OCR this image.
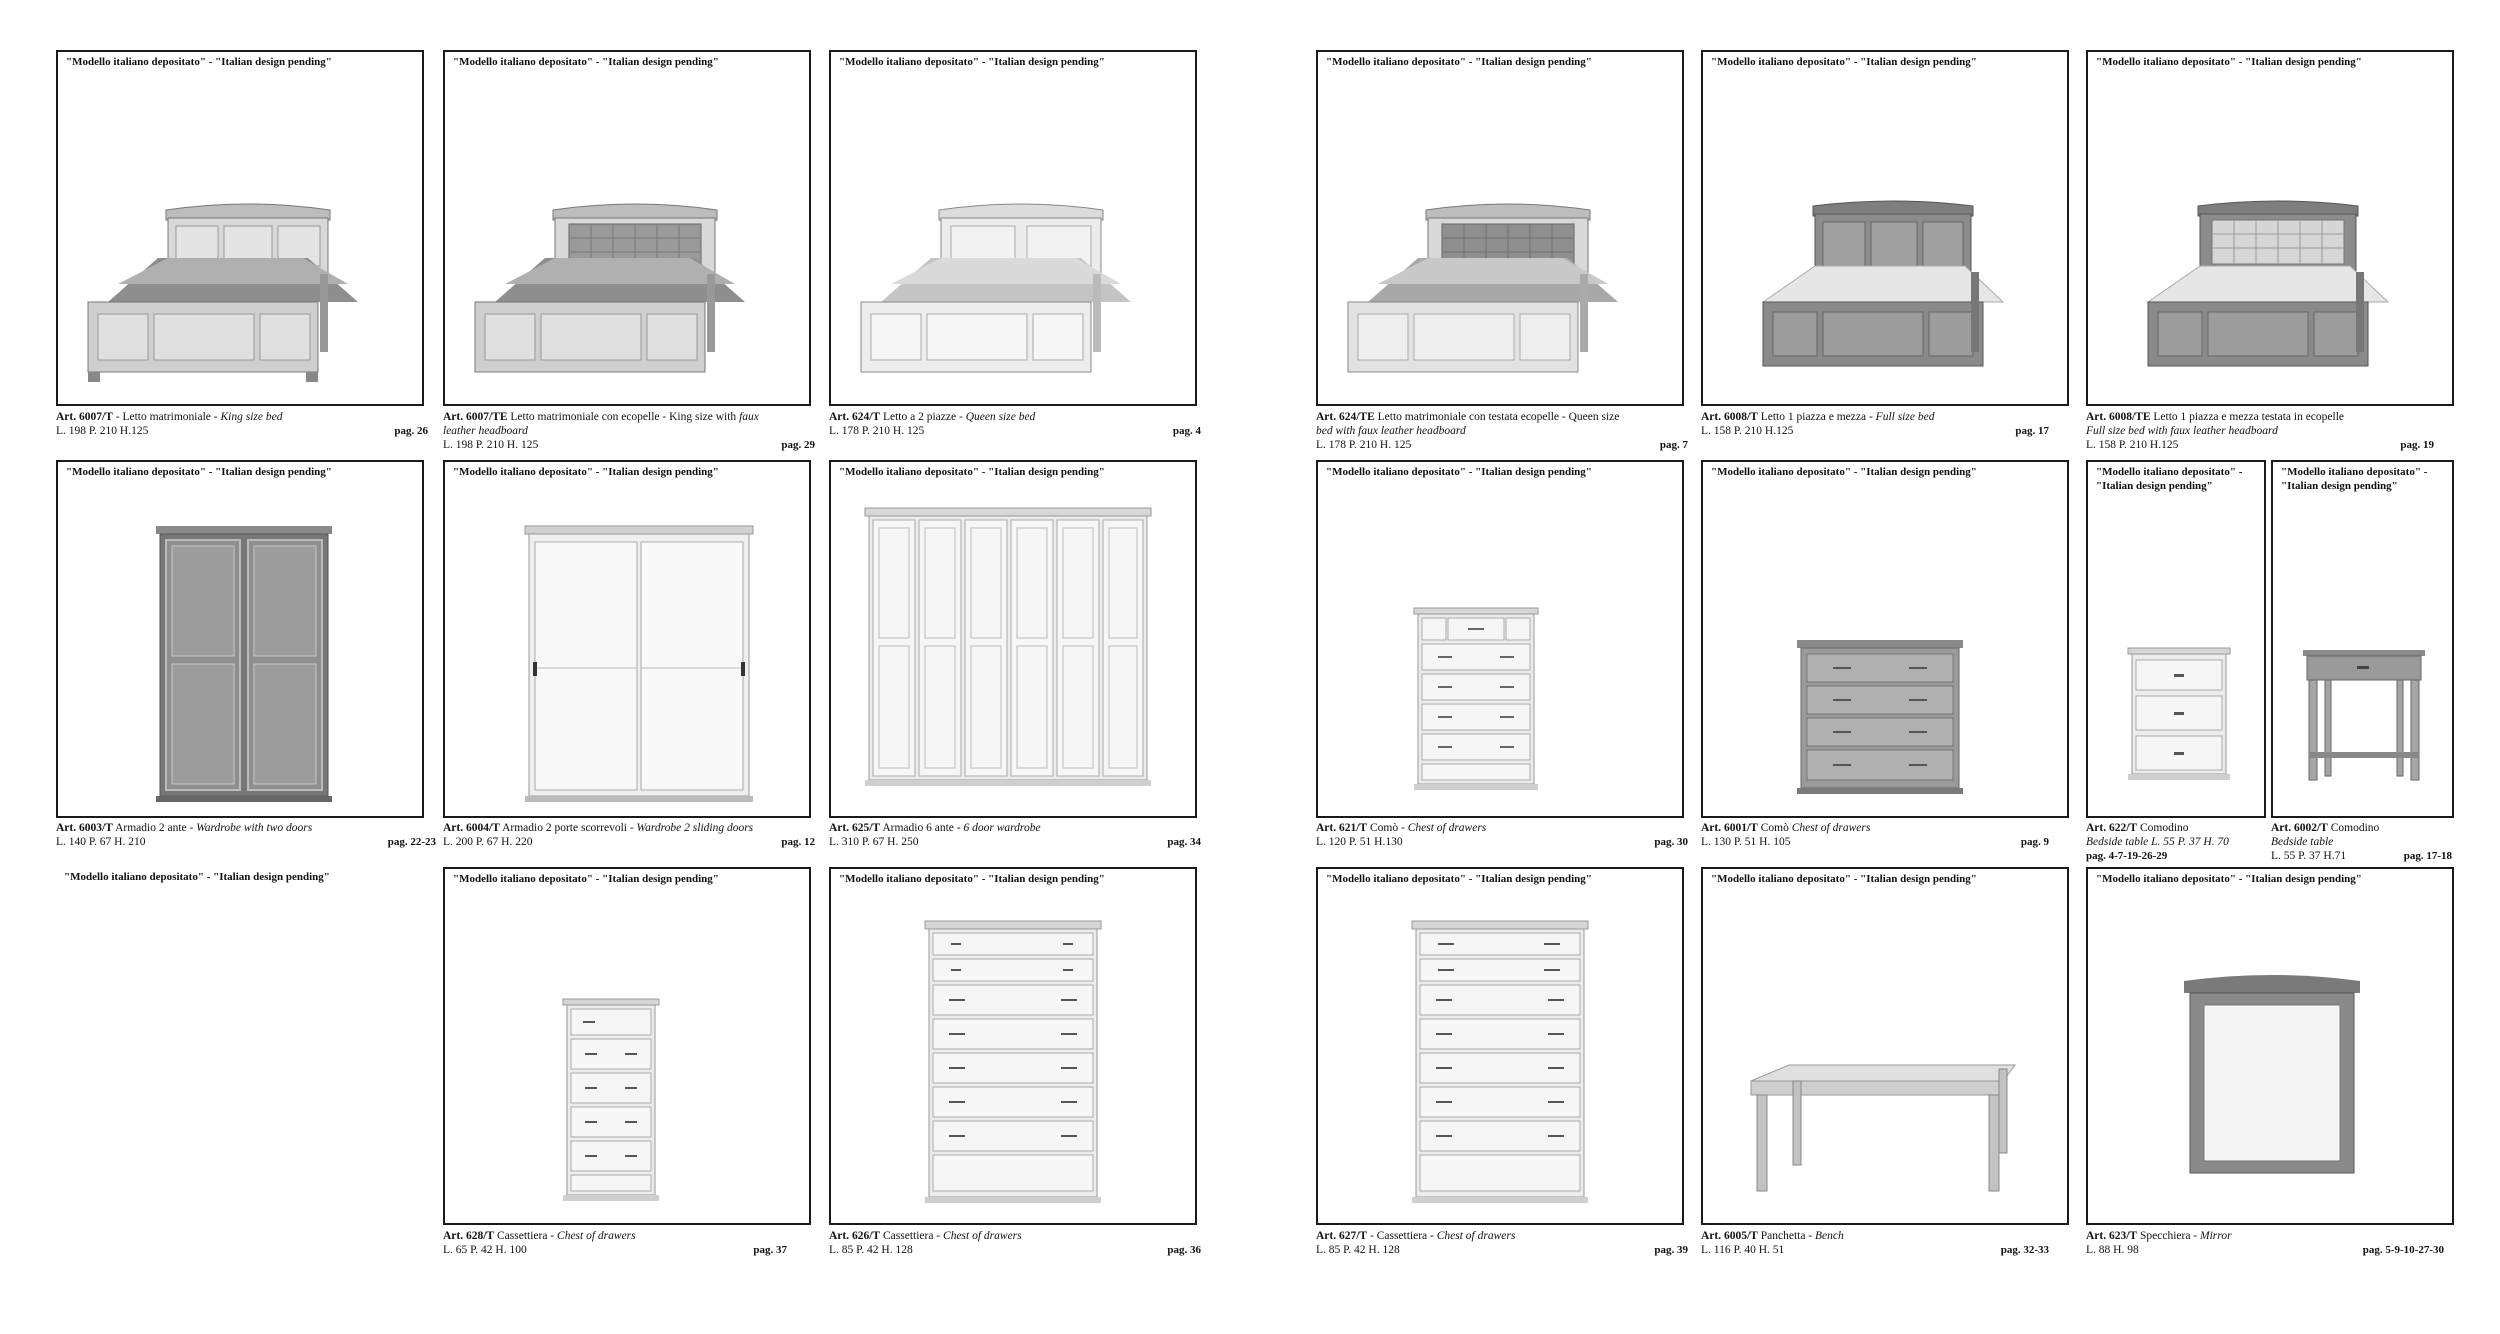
"Modello italiano depositato" - "Italian design pending"
Art. 6007/T - Letto matrimoniale - King size bed
L. 198 P. 210 H.125	pag. 26
"Modello italiano depositato" - "Italian design pending"
Art. 6007/TE Letto matrimoniale con ecopelle - King size with faux
leather headboard
L. 198 P. 210 H. 125	pag. 29
"Modello italiano depositato" - "Italian design pending"
Art. 624/T Letto a 2 piazze - Queen size bed
L. 178 P. 210 H. 125	pag. 4
"Modello italiano depositato" - "Italian design pending"
Art. 624/TE Letto matrimoniale con testata ecopelle - Queen size
bed with faux leather headboard
L. 178 P. 210 H. 125	pag. 7
"Modello italiano depositato" - "Italian design pending"
Art. 6008/T Letto 1 piazza e mezza - Full size bed
L. 158 P. 210 H.125	pag. 17
"Modello italiano depositato" - "Italian design pending"
Art. 6008/TE Letto 1 piazza e mezza testata in ecopelle
Full size bed with faux leather headboard
L. 158 P. 210 H.125	pag. 19
"Modello italiano depositato" - "Italian design pending"
Art. 6003/T Armadio 2 ante - Wardrobe with two doors
L. 140 P. 67 H. 210	pag. 22-23
"Modello italiano depositato" - "Italian design pending"
Art. 6004/T Armadio 2 porte scorrevoli - Wardrobe 2 sliding doors
L. 200 P. 67 H. 220	pag. 12
"Modello italiano depositato" - "Italian design pending"
Art. 625/T Armadio 6 ante - 6 door wardrobe
L. 310 P. 67 H. 250	pag. 34
"Modello italiano depositato" - "Italian design pending"
Art. 621/T Comò - Chest of drawers
L. 120 P. 51 H.130	pag. 30
"Modello italiano depositato" - "Italian design pending"
Art. 6001/T Comò Chest of drawers
L. 130 P. 51 H. 105	pag. 9
"Modello italiano depositato" -
"Italian design pending"
Art. 622/T Comodino
Bedside table L. 55 P. 37 H. 70
pag. 4-7-19-26-29
"Modello italiano depositato" -
"Italian design pending"
Art. 6002/T Comodino
Bedside table
L. 55 P. 37 H.71	pag. 17-18
"Modello italiano depositato" - "Italian design pending"	"Modello italiano depositato" - "Italian design pending"
Art. 628/T Cassettiera - Chest of drawers
L. 65 P. 42 H. 100	pag. 37
"Modello italiano depositato" - "Italian design pending"
Art. 626/T Cassettiera - Chest of drawers
L. 85 P. 42 H. 128	pag. 36
"Modello italiano depositato" - "Italian design pending"
Art. 627/T - Cassettiera - Chest of drawers
L. 85 P. 42 H. 128	pag. 39
"Modello italiano depositato" - "Italian design pending"
Art. 6005/T Panchetta - Bench
L. 116 P. 40 H. 51	pag. 32-33
"Modello italiano depositato" - "Italian design pending"
Art. 623/T Specchiera - Mirror
L. 88 H. 98	pag. 5-9-10-27-30
